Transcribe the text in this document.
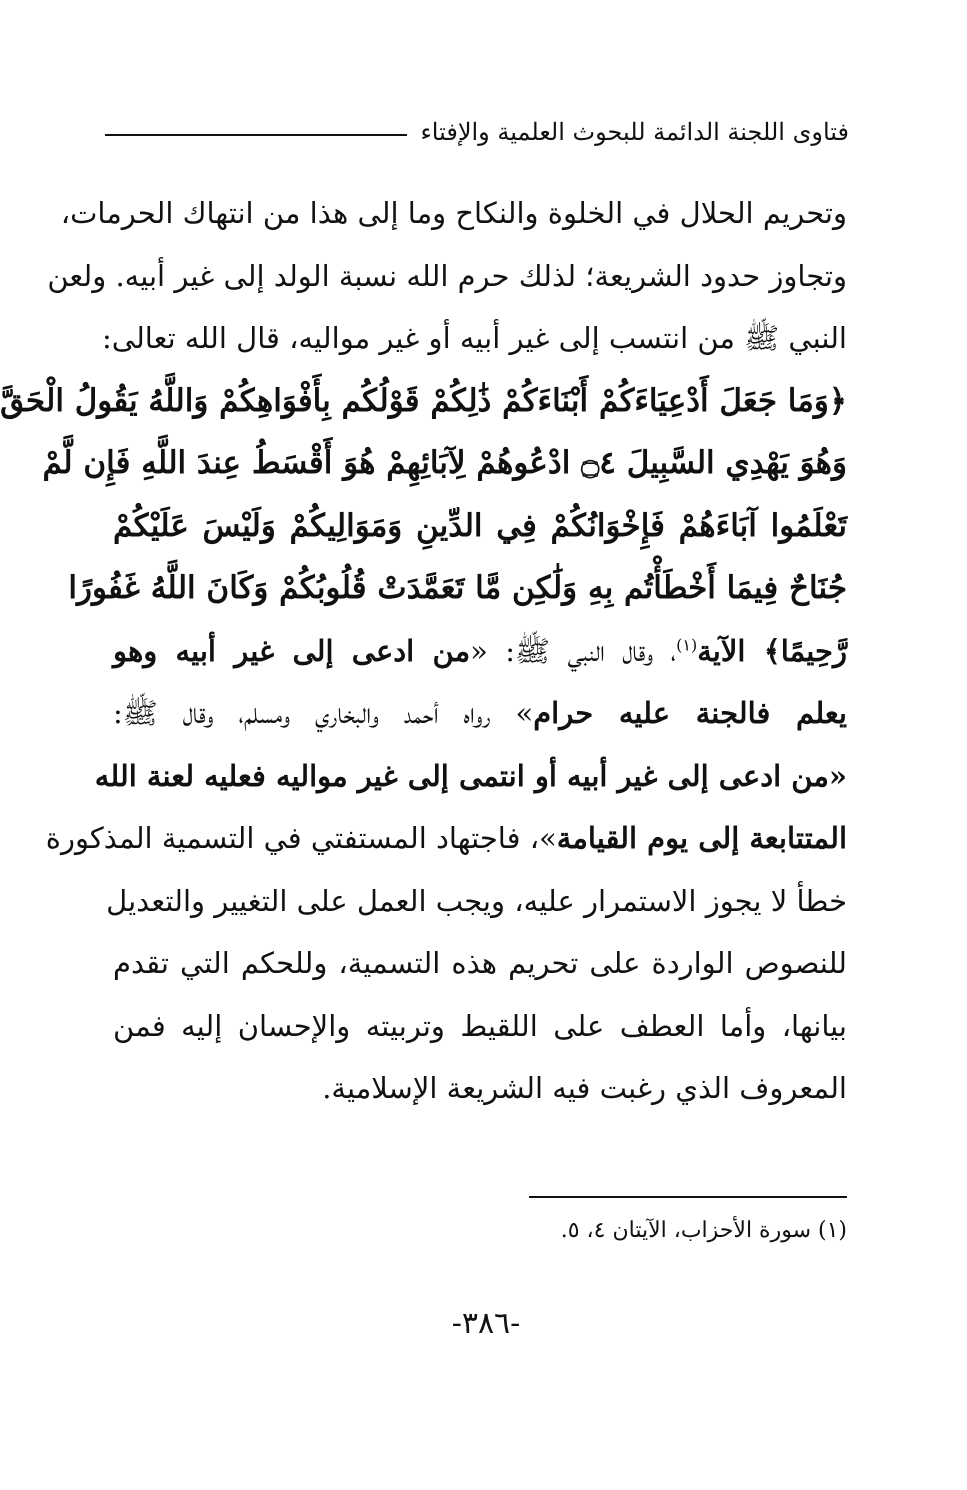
فتاوى اللجنة الدائمة للبحوث العلمية والإفتاء
وتحريم الحلال في الخلوة والنكاح وما إلى هذا من انتهاك الحرمات،
وتجاوز حدود الشريعة؛ لذلك حرم الله نسبة الولد إلى غير أبيه. ولعن
النبي ﷺ من انتسب إلى غير أبيه أو غير مواليه، قال الله تعالى:
﴿وَمَا جَعَلَ أَدْعِيَاءَكُمْ أَبْنَاءَكُمْ ذَٰلِكُمْ قَوْلُكُم بِأَفْوَاهِكُمْ وَاللَّهُ يَقُولُ الْحَقَّ
وَهُوَ يَهْدِي السَّبِيلَ ۝٤ ادْعُوهُمْ لِآبَائِهِمْ هُوَ أَقْسَطُ عِندَ اللَّهِ فَإِن لَّمْ
تَعْلَمُوا آبَاءَهُمْ فَإِخْوَانُكُمْ فِي الدِّينِ وَمَوَالِيكُمْ وَلَيْسَ عَلَيْكُمْ
جُنَاحٌ فِيمَا أَخْطَأْتُم بِهِ وَلَٰكِن مَّا تَعَمَّدَتْ قُلُوبُكُمْ وَكَانَ اللَّهُ غَفُورًا
رَّحِيمًا﴾ الآية$^{(١)}$، وقال النبي ﷺ: «من ادعى إلى غير أبيه وهو
يعلم فالجنة عليه حرام» رواه أحمد والبخاري ومسلم، وقال ﷺ:
«من ادعى إلى غير أبيه أو انتمى إلى غير مواليه فعليه لعنة الله
المتتابعة إلى يوم القيامة»، فاجتهاد المستفتي في التسمية المذكورة
خطأ لا يجوز الاستمرار عليه، ويجب العمل على التغيير والتعديل
للنصوص الواردة على تحريم هذه التسمية، وللحكم التي تقدم
بيانها، وأما العطف على اللقيط وتربيته والإحسان إليه فمن
المعروف الذي رغبت فيه الشريعة الإسلامية.
(١) سورة الأحزاب، الآيتان ٤، ٥.
-٣٨٦-
